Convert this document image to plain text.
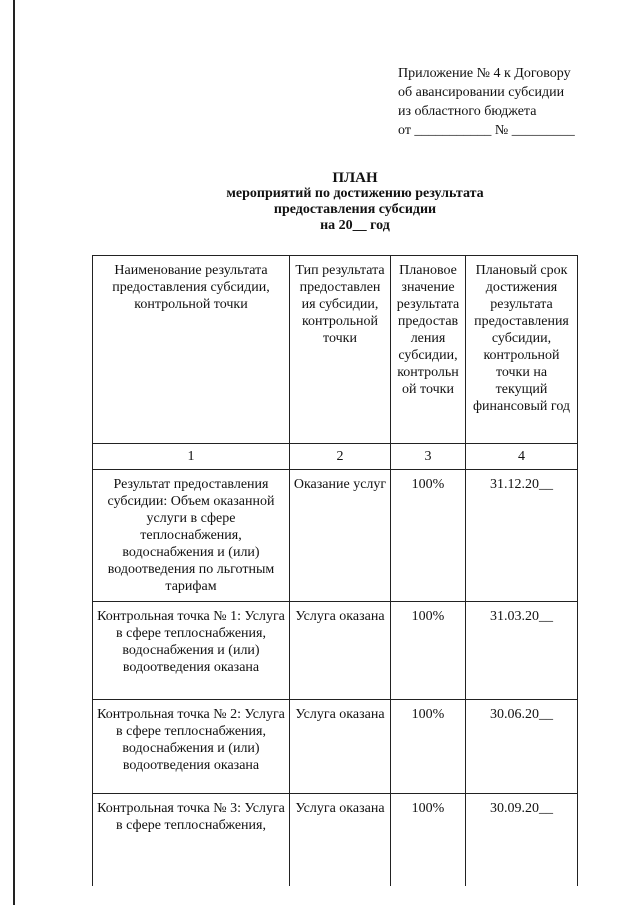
Приложение № 4 к Договору
об авансировании субсидии
из областного бюджета
от ___________ № _________
ПЛАН
мероприятий по достижению результата
предоставления субсидии
на 20__ год
Наименование результата предоставления субсидии, контрольной точки	Тип результата предоставлен ия субсидии, контрольной точки	Плановое значение результата предостав ления субсидии, контрольн ой точки	Плановый срок достижения результата предоставления субсидии, контрольной точки на текущий финансовый год
1	2	3	4
Результат предоставления субсидии: Объем оказанной услуги в сфере теплоснабжения, водоснабжения и (или) водоотведения по льготным тарифам	Оказание услуг	100%	31.12.20__
Контрольная точка № 1: Услуга в сфере теплоснабжения, водоснабжения и (или) водоотведения оказана	Услуга оказана	100%	31.03.20__
Контрольная точка № 2: Услуга в сфере теплоснабжения, водоснабжения и (или) водоотведения оказана	Услуга оказана	100%	30.06.20__
Контрольная точка № 3: Услуга в сфере теплоснабжения,	Услуга оказана	100%	30.09.20__
